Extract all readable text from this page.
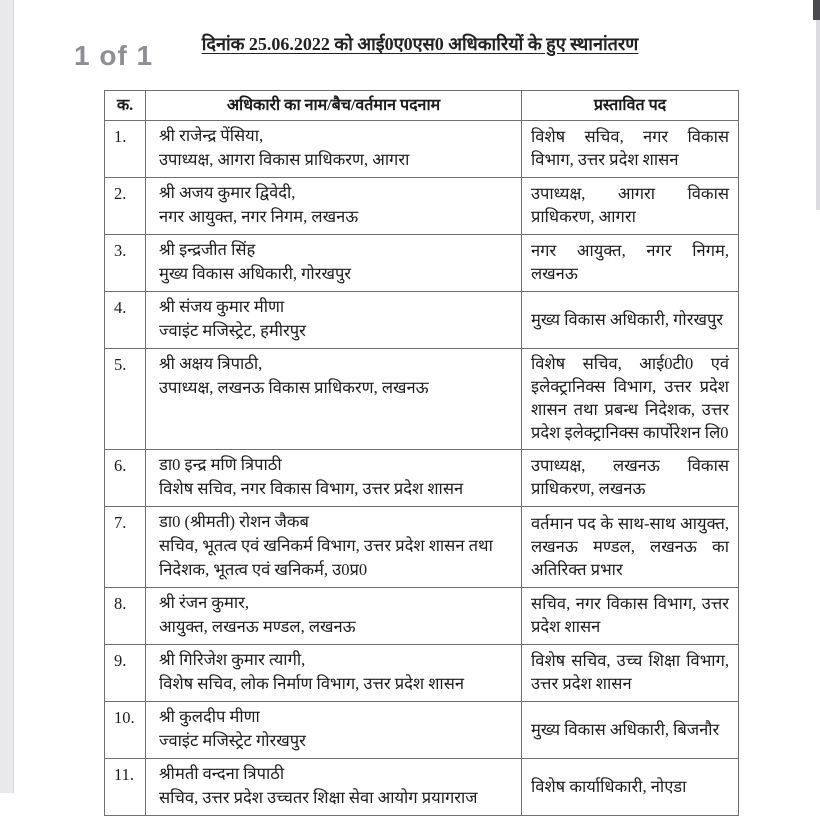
1 of 1	दिनांक 25.06.2022 को आई0ए0एस0 अधिकारियों के हुए स्थानांतरण
क.	अधिकारी का नाम/बैच/वर्तमान पदनाम	प्रस्तावित पद
1.	श्री राजेन्द्र पेंसिया,
उपाध्यक्ष, आगरा विकास प्राधिकरण, आगरा	विशेष सचिव, नगर विकास विभाग, उत्तर प्रदेश शासन
2.	श्री अजय कुमार द्विवेदी,
नगर आयुक्त, नगर निगम, लखनऊ	उपाध्यक्ष, आगरा विकास प्राधिकरण, आगरा
3.	श्री इन्द्रजीत सिंह
मुख्य विकास अधिकारी, गोरखपुर	नगर आयुक्त, नगर निगम, लखनऊ
4.	श्री संजय कुमार मीणा
ज्वाइंट मजिस्ट्रेट, हमीरपुर	मुख्य विकास अधिकारी, गोरखपुर
5.	श्री अक्षय त्रिपाठी,
उपाध्यक्ष, लखनऊ विकास प्राधिकरण, लखनऊ	विशेष सचिव, आई0टी0 एवं इलेक्ट्रानिक्स विभाग, उत्तर प्रदेश शासन तथा प्रबन्ध निदेशक, उत्तर प्रदेश इलेक्ट्रानिक्स कार्पोरेशन लि0
6.	डा0 इन्द्र मणि त्रिपाठी
विशेष सचिव, नगर विकास विभाग, उत्तर प्रदेश शासन	उपाध्यक्ष, लखनऊ विकास प्राधिकरण, लखनऊ
7.	डा0 (श्रीमती) रोशन जैकब
सचिव, भूतत्व एवं खनिकर्म विभाग, उत्तर प्रदेश शासन तथा
निदेशक, भूतत्व एवं खनिकर्म, उ0प्र0	वर्तमान पद के साथ-साथ आयुक्त, लखनऊ मण्डल, लखनऊ का अतिरिक्त प्रभार
8.	श्री रंजन कुमार,
आयुक्त, लखनऊ मण्डल, लखनऊ	सचिव, नगर विकास विभाग, उत्तर प्रदेश शासन
9.	श्री गिरिजेश कुमार त्यागी,
विशेष सचिव, लोक निर्माण विभाग, उत्तर प्रदेश शासन	विशेष सचिव, उच्च शिक्षा विभाग, उत्तर प्रदेश शासन
10.	श्री कुलदीप मीणा
ज्वाइंट मजिस्ट्रेट गोरखपुर	मुख्य विकास अधिकारी, बिजनौर
11.	श्रीमती वन्दना त्रिपाठी
सचिव, उत्तर प्रदेश उच्चतर शिक्षा सेवा आयोग प्रयागराज	विशेष कार्याधिकारी, नोएडा
